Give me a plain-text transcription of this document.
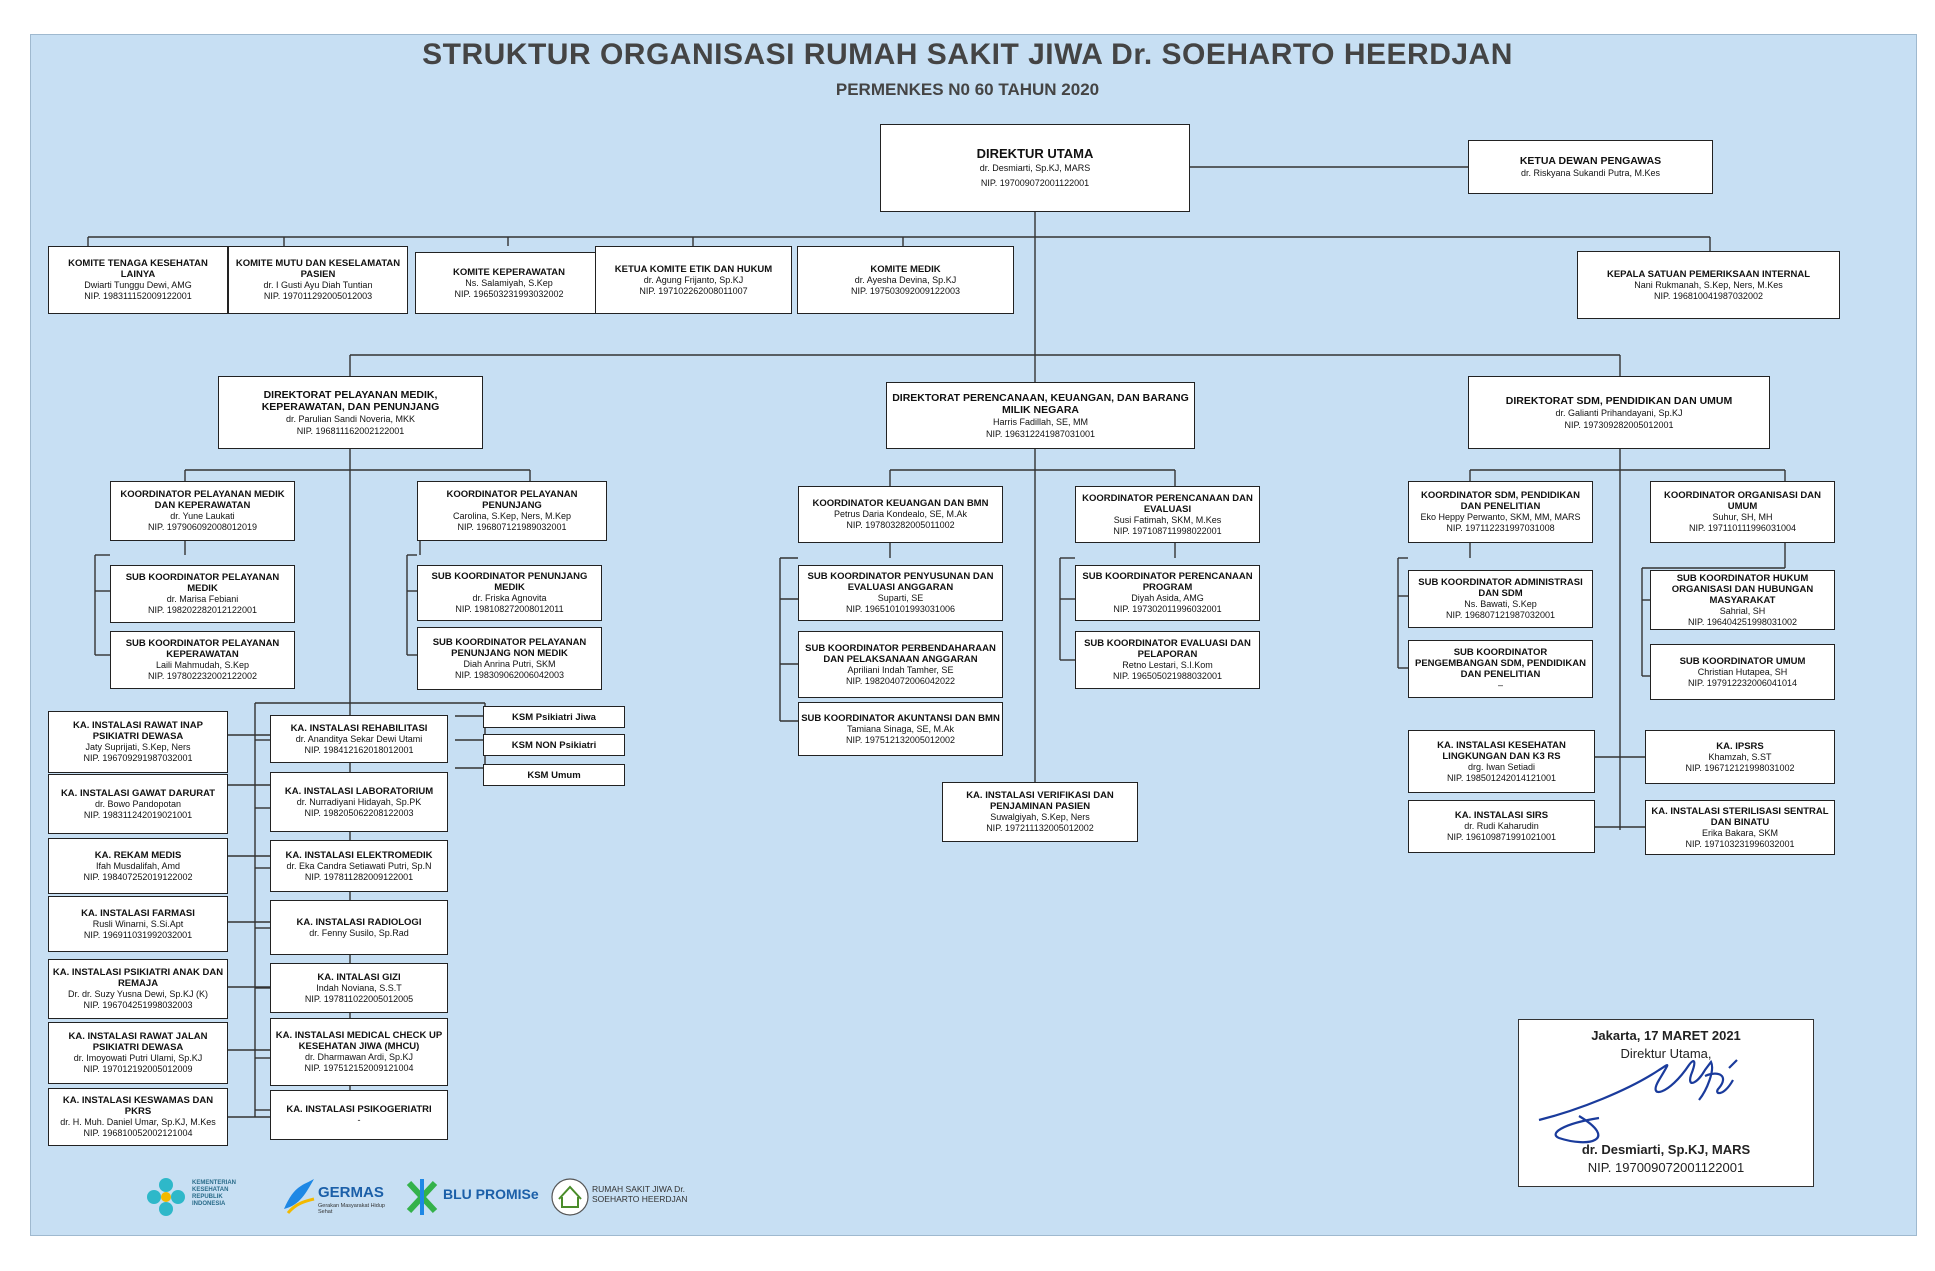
STRUKTUR ORGANISASI RUMAH SAKIT JIWA Dr. SOEHARTO HEERDJAN
PERMENKES N0 60 TAHUN 2020
DIREKTUR UTAMA
dr. Desmiarti, Sp.KJ, MARS
NIP. 197009072001122001
KETUA DEWAN PENGAWAS
dr. Riskyana Sukandi Putra, M.Kes
KOMITE TENAGA KESEHATAN LAINYA
Dwiarti Tunggu Dewi, AMG
NIP. 198311152009122001
KOMITE MUTU DAN KESELAMATAN PASIEN
dr. I Gusti Ayu Diah Tuntian
NIP. 197011292005012003
KOMITE KEPERAWATAN
Ns. Salamiyah, S.Kep
NIP. 196503231993032002
KETUA KOMITE ETIK DAN HUKUM
dr. Agung Frijanto, Sp.KJ
NIP. 197102262008011007
KOMITE MEDIK
dr. Ayesha Devina, Sp.KJ
NIP. 197503092009122003
KEPALA SATUAN PEMERIKSAAN INTERNAL
Nani Rukmanah, S.Kep, Ners, M.Kes
NIP. 196810041987032002
DIREKTORAT PELAYANAN MEDIK, KEPERAWATAN, DAN PENUNJANG
dr. Parulian Sandi Noveria, MKK
NIP. 196811162002122001
DIREKTORAT PERENCANAAN, KEUANGAN, DAN BARANG MILIK NEGARA
Harris Fadillah, SE, MM
NIP. 196312241987031001
DIREKTORAT SDM, PENDIDIKAN DAN UMUM
dr. Galianti Prihandayani, Sp.KJ
NIP. 197309282005012001
KOORDINATOR PELAYANAN MEDIK DAN KEPERAWATAN
dr. Yune Laukati
NIP. 197906092008012019
KOORDINATOR PELAYANAN PENUNJANG
Carolina, S.Kep, Ners, M.Kep
NIP. 196807121989032001
SUB KOORDINATOR PELAYANAN MEDIK
dr. Marisa Febiani
NIP. 198202282012122001
SUB KOORDINATOR PELAYANAN KEPERAWATAN
Laili Mahmudah, S.Kep
NIP. 197802232002122002
SUB KOORDINATOR PENUNJANG MEDIK
dr. Friska Agnovita
NIP. 198108272008012011
SUB KOORDINATOR PELAYANAN PENUNJANG NON MEDIK
Diah Anrina Putri, SKM
NIP. 198309062006042003
KSM Psikiatri Jiwa
KSM NON Psikiatri
KSM Umum
KA. INSTALASI RAWAT INAP PSIKIATRI DEWASA
Jaty Suprijati, S.Kep, Ners
NIP. 196709291987032001
KA. INSTALASI GAWAT DARURAT
dr. Bowo Pandopotan
NIP. 198311242019021001
KA. REKAM MEDIS
Ifah Musdalifah, Amd
NIP. 198407252019122002
KA. INSTALASI FARMASI
Rusli Winarni, S.Si.Apt
NIP. 196911031992032001
KA. INSTALASI PSIKIATRI ANAK DAN REMAJA
Dr. dr. Suzy Yusna Dewi, Sp.KJ (K)
NIP. 196704251998032003
KA. INSTALASI RAWAT JALAN PSIKIATRI DEWASA
dr. Imoyowati Putri Ulami, Sp.KJ
NIP. 197012192005012009
KA. INSTALASI KESWAMAS DAN PKRS
dr. H. Muh. Daniel Umar, Sp.KJ, M.Kes
NIP. 196810052002121004
KA. INSTALASI REHABILITASI
dr. Ananditya Sekar Dewi Utami
NIP. 198412162018012001
KA. INSTALASI LABORATORIUM
dr. Nurradiyani Hidayah, Sp.PK
NIP. 198205062208122003
KA. INSTALASI ELEKTROMEDIK
dr. Eka Candra Setiawati Putri, Sp.N
NIP. 197811282009122001
KA. INSTALASI RADIOLOGI
dr. Fenny Susilo, Sp.Rad
KA. INTALASI GIZI
Indah Noviana, S.S.T
NIP. 197811022005012005
KA. INSTALASI MEDICAL CHECK UP KESEHATAN JIWA (MHCU)
dr. Dharmawan Ardi, Sp.KJ
NIP. 197512152009121004
KA. INSTALASI PSIKOGERIATRI
-
KOORDINATOR KEUANGAN DAN BMN
Petrus Daria Kondealo, SE, M.Ak
NIP. 197803282005011002
KOORDINATOR PERENCANAAN DAN EVALUASI
Susi Fatimah, SKM, M.Kes
NIP. 197108711998022001
SUB KOORDINATOR PENYUSUNAN DAN EVALUASI ANGGARAN
Suparti, SE
NIP. 196510101993031006
SUB KOORDINATOR PERBENDAHARAAN DAN PELAKSANAAN ANGGARAN
Apriliani Indah Tamher, SE
NIP. 198204072006042022
SUB KOORDINATOR AKUNTANSI DAN BMN
Tamiana Sinaga, SE, M.Ak
NIP. 197512132005012002
SUB KOORDINATOR PERENCANAAN PROGRAM
Diyah Asida, AMG
NIP. 197302011996032001
SUB KOORDINATOR EVALUASI DAN PELAPORAN
Retno Lestari, S.I.Kom
NIP. 196505021988032001
KA. INSTALASI VERIFIKASI DAN PENJAMINAN PASIEN
Suwalgiyah, S.Kep, Ners
NIP. 197211132005012002
KOORDINATOR SDM, PENDIDIKAN DAN PENELITIAN
Eko Heppy Perwanto, SKM, MM, MARS
NIP. 197112231997031008
KOORDINATOR ORGANISASI DAN UMUM
Suhur, SH, MH
NIP. 197110111996031004
SUB KOORDINATOR ADMINISTRASI DAN SDM
Ns. Bawati, S.Kep
NIP. 196807121987032001
SUB KOORDINATOR PENGEMBANGAN SDM, PENDIDIKAN DAN PENELITIAN
–
SUB KOORDINATOR HUKUM ORGANISASI DAN HUBUNGAN MASYARAKAT
Sahrial, SH
NIP. 196404251998031002
SUB KOORDINATOR UMUM
Christian Hutapea, SH
NIP. 197912232006041014
KA. INSTALASI KESEHATAN LINGKUNGAN DAN K3 RS
drg. Iwan Setiadi
NIP. 198501242014121001
KA. IPSRS
Khamzah, S.ST
NIP. 196712121998031002
KA. INSTALASI SIRS
dr. Rudi Kaharudin
NIP. 196109871991021001
KA. INSTALASI STERILISASI SENTRAL DAN BINATU
Erika Bakara, SKM
NIP. 197103231996032001
Jakarta, 17 MARET 2021
Direktur Utama,
dr. Desmiarti, Sp.KJ, MARS
NIP. 197009072001122001
KEMENTERIAN KESEHATAN REPUBLIK INDONESIA
GERMAS
Gerakan Masyarakat Hidup Sehat
BLU PROMISe	RUMAH SAKIT JIWA Dr. SOEHARTO HEERDJAN
